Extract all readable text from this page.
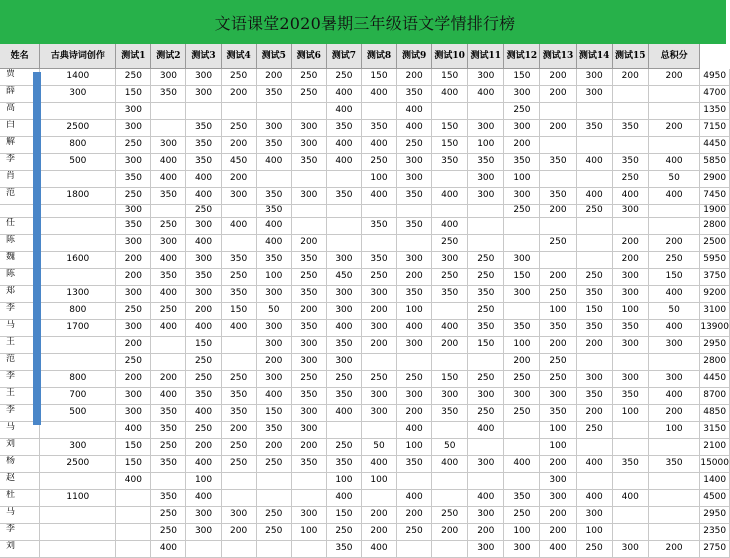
文语课堂2020暑期三年级语文学情排行榜
姓名	古典诗词创作	测试1	测试2	测试3	测试4	测试5	测试6	测试7	测试8	测试9	测试10	测试11	测试12	测试13	测试14	测试15	总积分	
贾	1400	250	300	300	250	200	250	250	150	200	150	300	150	200	300	200	200	4950
薛	300	150	350	300	200	350	250	400	400	350	400	400	300	200	300			4700
高		300						400		400			250					1350
白	2500	300		350	250	300	300	350	350	400	150	300	300	200	350	350	200	7150
解	800	250	300	350	200	350	300	400	400	250	150	100	200					4450
李	500	300	400	350	450	400	350	400	250	300	350	350	350	350	400	350	400	5850
肖		350	400	400	200				100	300		300	100			250	50	2900
范	1800	250	350	400	300	350	300	350	400	350	400	300	300	350	400	400	400	7450
		300		250		350							250	200	250	300		1900
任		350	250	300	400	400			350	350	400							2800
陈		300	300	400		400	200				250			250		200	200	2500
魏	1600	200	400	300	350	350	350	300	350	300	300	250	300			200	250	5950
陈		200	350	350	250	100	250	450	250	200	250	250	150	200	250	300	150	3750
郑	1300	300	400	300	350	300	350	300	300	350	350	350	300	250	350	300	400	9200
李	800	250	250	200	150	50	200	300	200	100		250		100	150	100	50	3100
马	1700	300	400	400	400	300	350	400	300	400	400	350	350	350	350	350	400	13900
王		200		150		300	300	350	200	300	200	150	100	200	200	300	300	2950
范		250		250		200	300	300					200	250				2800
李	800	200	200	250	250	300	250	250	250	250	150	250	250	250	300	300	300	4450
王	700	300	400	350	350	400	350	350	300	300	300	300	300	300	350	350	400	8700
李	500	300	350	400	350	150	300	400	300	200	350	250	250	350	200	100	200	4850
马		400	350	250	200	350	300			400		400		100	250		100	3150
刘	300	150	250	200	250	200	200	250	50	100	50			100				2100
杨	2500	150	350	400	250	250	350	350	400	350	400	300	400	200	400	350	350	15000
赵		400		100				100	100					300				1400
杜	1100		350	400				400		400		400	350	300	400	400		4500
马			250	300	300	250	300	150	200	200	250	300	250	200	300			2950
李			250	300	200	250	100	250	200	250	200	200	100	200	100			2350
刘			400					350	400			300	300	400	250	300	200	2750
